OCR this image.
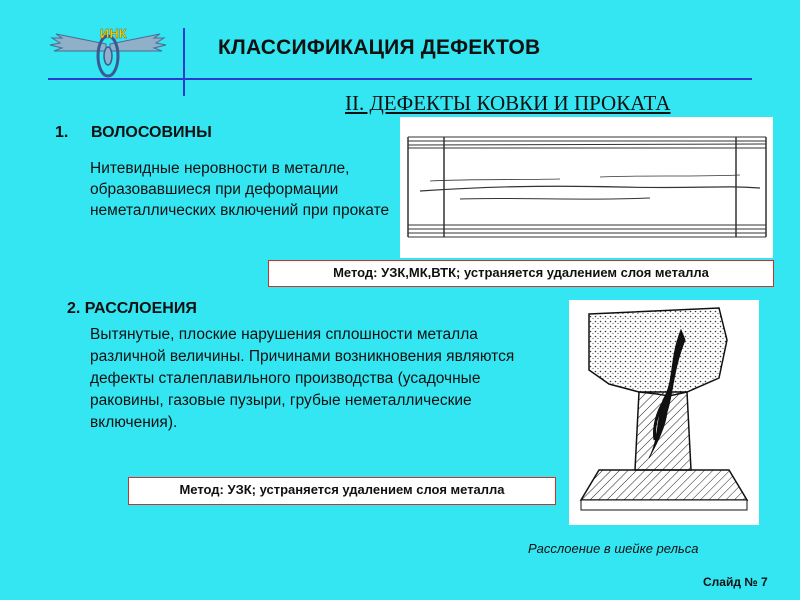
ИНК
КЛАССИФИКАЦИЯ ДЕФЕКТОВ
II. ДЕФЕКТЫ КОВКИ И ПРОКАТА
1. ВОЛОСОВИНЫ
Нитевидные неровности в металле, образовавшиеся при деформации неметаллических включений при прокате
Метод: УЗК,МК,ВТК; устраняется удалением слоя металла
2. РАССЛОЕНИЯ
Вытянутые, плоские нарушения сплошности металла различной величины. Причинами возникновения являются дефекты сталеплавильного производства (усадочные раковины, газовые пузыри, грубые неметаллические включения).
Метод: УЗК; устраняется удалением слоя металла
Расслоение в шейке рельса
Слайд № 7
